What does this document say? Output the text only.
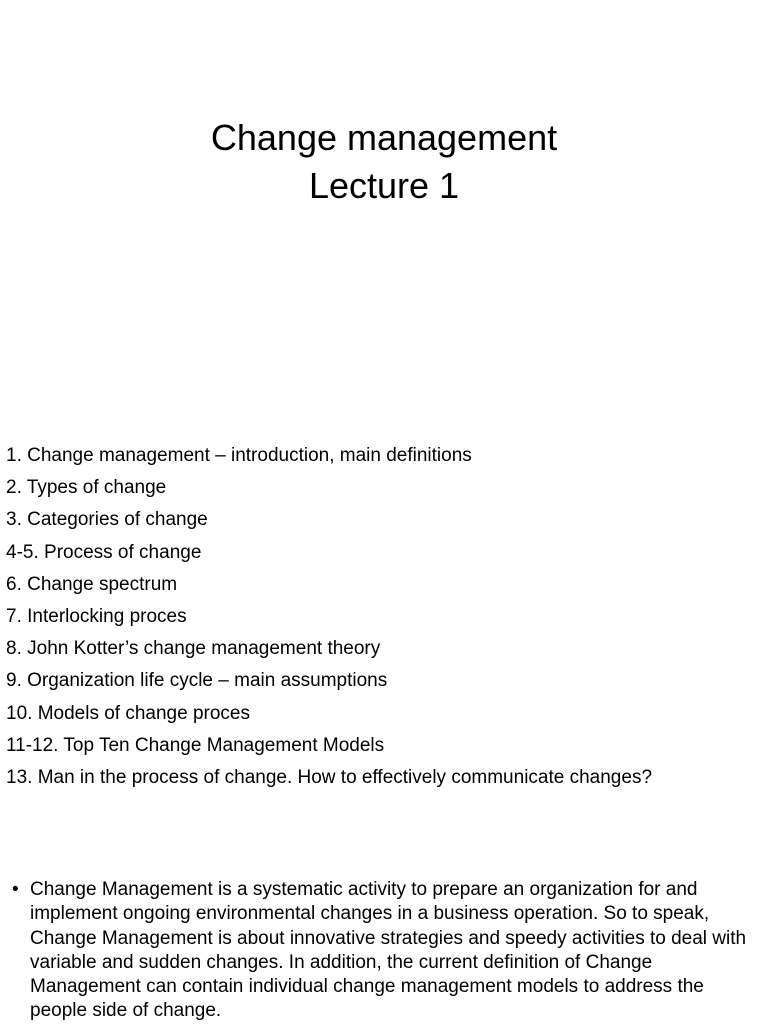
Change management
Lecture 1
1. Change management – introduction, main definitions
2. Types of change
3. Categories of change
4-5. Process of change
6. Change spectrum
7. Interlocking proces
8. John Kotter’s change management theory
9. Organization life cycle – main assumptions
10. Models of change proces
11-12. Top Ten Change Management Models
13. Man in the process of change. How to effectively communicate changes?
• Change Management is a systematic activity to prepare an organization for and implement ongoing environmental changes in a business operation. So to speak, Change Management is about innovative strategies and speedy activities to deal with variable and sudden changes. In addition, the current definition of Change Management can contain individual change management models to address the people side of change.
